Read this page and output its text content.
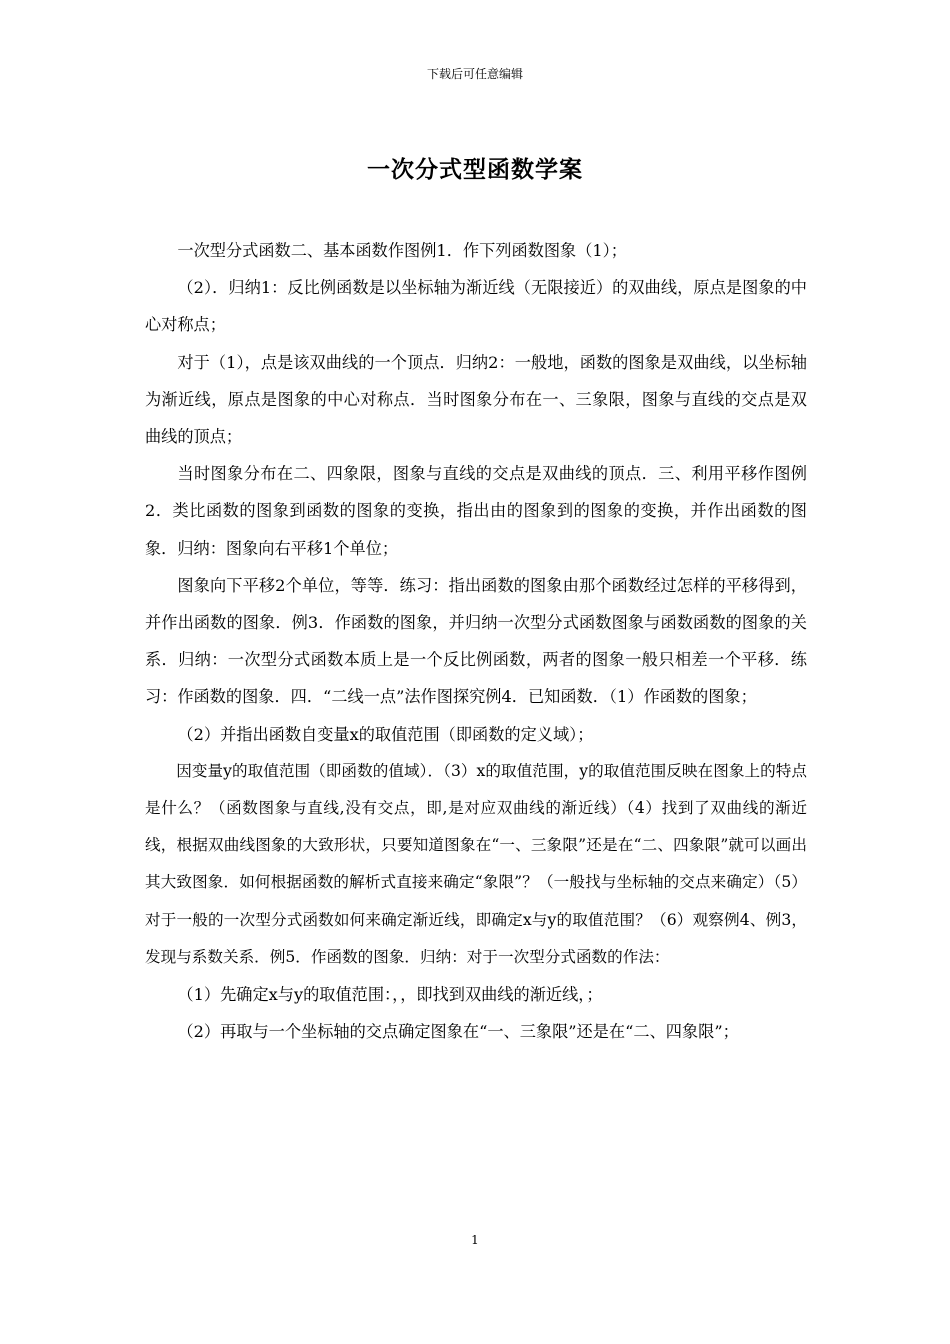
下载后可任意编辑
一次分式型函数学案

一次型分式函数二、基本函数作图例1．作下列函数图象（1）；

（2）．归纳1：反比例函数是以坐标轴为渐近线（无限接近）的双曲线，原点是图象的中心对称点；

对于（1），点是该双曲线的一个顶点．归纳2：一般地，函数的图象是双曲线，以坐标轴为渐近线，原点是图象的中心对称点．当时图象分布在一、三象限，图象与直线的交点是双曲线的顶点；

当时图象分布在二、四象限，图象与直线的交点是双曲线的顶点．三、利用平移作图例2．类比函数的图象到函数的图象的变换，指出由的图象到的图象的变换，并作出函数的图象．归纳：图象向右平移1个单位；

图象向下平移2个单位，等等．练习：指出函数的图象由那个函数经过怎样的平移得到，并作出函数的图象．例3．作函数的图象，并归纳一次型分式函数图象与函数函数的图象的关系．归纳：一次型分式函数本质上是一个反比例函数，两者的图象一般只相差一个平移．练习：作函数的图象．四．“二线一点”法作图探究例4．已知函数．（1）作函数的图象；

（2）并指出函数自变量x的取值范围（即函数的定义域）；

因变量y的取值范围（即函数的值域）．（3）x的取值范围，y的取值范围反映在图象上的特点是什么？（函数图象与直线,没有交点，即,是对应双曲线的渐近线）（4）找到了双曲线的渐近线，根据双曲线图象的大致形状，只要知道图象在“一、三象限”还是在“二、四象限”就可以画出其大致图象．如何根据函数的解析式直接来确定“象限”？（一般找与坐标轴的交点来确定）（5）对于一般的一次型分式函数如何来确定渐近线，即确定x与y的取值范围？（6）观察例4、例3，发现与系数关系．例5．作函数的图象．归纳：对于一次型分式函数的作法：

（1）先确定x与y的取值范围：，，即找到双曲线的渐近线，；

（2）再取与一个坐标轴的交点确定图象在“一、三象限”还是在“二、四象限”；

1
